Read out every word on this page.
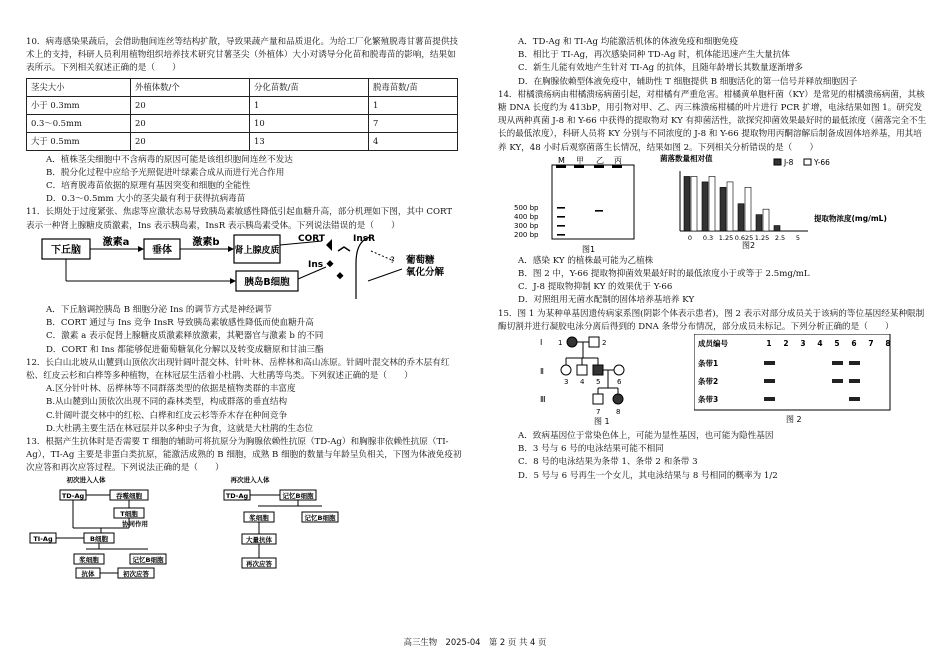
10．病毒感染果蔬后，会借助胞间连丝等结构扩散，导致果蔬产量和品质退化。为给工厂化繁殖脱毒甘薯苗提供技术上的支持，科研人员利用植物组织培养技术研究甘薯茎尖（外植体）大小对诱导分化苗和脱毒苗的影响，结果如表所示。下列相关叙述正确的是（　　）

茎尖大小	外植体数/个	分化苗数/苗	脱毒苗数/苗
小于 0.3mm	20	1	1
0.3～0.5mm	20	10	7
大于 0.5mm	20	13	4

A．植株茎尖细胞中不含病毒的原因可能是该组织胞间连丝不发达

B．脱分化过程中应给予光照促进叶绿素合成从而进行光合作用

C．培育脱毒苗依据的原理有基因突变和细胞的全能性

D．0.3～0.5mm 大小的茎尖最有利于获得抗病毒苗

11．长期处于过度紧张、焦虑等应激状态易导致胰岛素敏感性降低引起血糖升高，部分机理如下图，其中 CORT 表示一种肾上腺糖皮质激素，Ins 表示胰岛素，InsR 表示胰岛素受体。下列说法错误的是（　　）

下丘脑
激素a
垂体
激素b
肾上腺皮质
CORT	InsR
胰岛B细胞
Ins	? 葡萄糖氧化分解

A．下丘脑调控胰岛 B 细胞分泌 Ins 的调节方式是神经调节

B．CORT 通过与 Ins 竞争 InsR 导致胰岛素敏感性降低而使血糖升高

C．激素 a 表示促肾上腺糖皮质激素释放激素，其靶器官与激素 b 的不同

D．CORT 和 Ins 都能够促进葡萄糖氧化分解以及转变成糖原和甘油三酯

12．长白山北坡从山麓到山顶依次出现针阔叶混交林、针叶林、岳桦林和高山冻原。针阔叶混交林的乔木层有红松、红皮云杉和白桦等多种植物，在林冠层生活着小杜鹃、大杜鹃等鸟类。下列叙述正确的是（　　）

A.区分针叶林、岳桦林等不同群落类型的依据是植物类群的丰富度

B.从山麓到山顶依次出现不同的森林类型，构成群落的垂直结构

C.针阔叶混交林中的红松、白桦和红皮云杉等乔木存在种间竞争

D.大杜鹃主要生活在林冠层并以多种虫子为食，这就是大杜鹃的生态位

13．根据产生抗体时是否需要 T 细胞的辅助可将抗原分为胸腺依赖性抗原（TD-Ag）和胸腺非依赖性抗原（TI-Ag），TI-Ag 主要是非蛋白类抗原，能激活成熟的 B 细胞，成熟 B 细胞的数量与年龄呈负相关，下图为体液免疫初次应答和再次应答过程。下列说法正确的是（　　）

初次进入人体
TD-Ag	吞噬细胞
T细胞
协同作用
TI-Ag	B细胞
浆细胞	记忆B细胞
抗体	初次应答
再次进入人体
TD-Ag	记忆B细胞
浆细胞	记忆B细胞
大量抗体
再次应答

A．TD-Ag 和 TI-Ag 均能激活机体的体液免疫和细胞免疫

B．相比于 TI-Ag，再次感染同种 TD-Ag 时，机体能迅速产生大量抗体

C．新生儿能有效地产生针对 TI-Ag 的抗体，且随年龄增长其数量逐渐增多

D．在胸腺依赖型体液免疫中，辅助性 T 细胞提供 B 细胞活化的第一信号并释放细胞因子

14．柑橘溃疡病由柑橘溃疡病菌引起，对柑橘有严重危害。柑橘黄单胞杆菌（KY）是常见的柑橘溃疡病菌，其核糖 DNA 长度约为 413bP，用引物对甲、乙、丙三株溃疡柑橘的叶片进行 PCR 扩增，电泳结果如图 1。研究发现从两种真菌 J-8 和 Y-66 中获得的提取物对 KY 有抑菌活性，欲探究抑菌效果最好时的最低浓度（菌落完全不生长的最低浓度），科研人员将 KY 分别与不同浓度的 J-8 和 Y-66 提取物用丙酮溶解后制备成固体培养基，用其培养 KY，48 小时后观察菌落生长情况，结果如图 2。下列相关分析错误的是（　　）

M 甲 乙 丙
500 bp
400 bp
300 bp
200 bp
图1
菌落数量相对值
0 0.3 1.25 0.625 1.25 2.5 5
J-8	Y-66
提取物浓度(mg/mL)
图2

A．感染 KY 的植株最可能为乙植株

B．图 2 中，Y-66 提取物抑菌效果最好时的最低浓度小于或等于 2.5mg/mL

C．J-8 提取物抑制 KY 的效果优于 Y-66

D．对照组用无菌水配制的固体培养基培养 KY

15．图 1 为某种单基因遗传病家系图(阴影个体表示患者)，图 2 表示对部分成员关于该病的等位基因经某种限制酶切割并进行凝胶电泳分离后得到的 DNA 条带分布情况，部分成员未标记。下列分析正确的是（　　）

Ⅰ
Ⅱ
Ⅲ
1	2
3 4 5 6
7 8
图 1
成员编号	1 2 3 4 5 6 7 8
条带1
条带2
条带3
图 2

A．致病基因位于常染色体上，可能为显性基因，也可能为隐性基因

B．3 号与 6 号的电泳结果可能不相同

C．8 号的电泳结果为条带 1、条带 2 和条带 3

D．5 号与 6 号再生一个女儿，其电泳结果与 8 号相同的概率为 1/2

高三生物　2025-04　第 2 页 共 4 页
